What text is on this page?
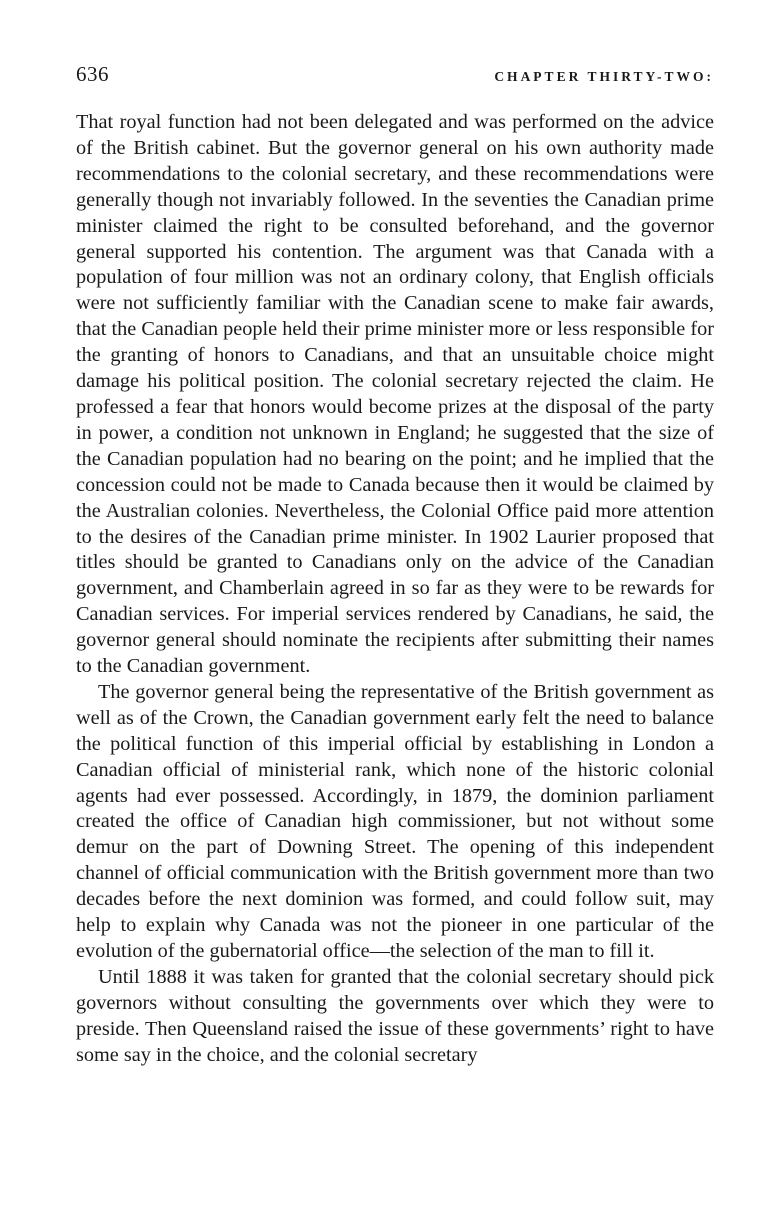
636	CHAPTER THIRTY-TWO:

That royal function had not been delegated and was performed on the advice of the British cabinet. But the governor general on his own authority made recommendations to the colonial secretary, and these recommendations were generally though not invariably followed. In the seventies the Canadian prime minister claimed the right to be consulted beforehand, and the governor general supported his contention. The argument was that Canada with a population of four million was not an ordinary colony, that English officials were not sufficiently familiar with the Canadian scene to make fair awards, that the Canadian people held their prime minister more or less responsible for the granting of honors to Canadians, and that an unsuitable choice might damage his political position. The colonial secretary rejected the claim. He professed a fear that honors would become prizes at the disposal of the party in power, a condition not unknown in England; he suggested that the size of the Canadian population had no bearing on the point; and he implied that the concession could not be made to Canada because then it would be claimed by the Australian colonies. Nevertheless, the Colonial Office paid more attention to the desires of the Canadian prime minister. In 1902 Laurier proposed that titles should be granted to Canadians only on the advice of the Canadian government, and Chamberlain agreed in so far as they were to be rewards for Canadian services. For imperial services rendered by Canadians, he said, the governor general should nominate the recipients after submitting their names to the Canadian government.

The governor general being the representative of the British government as well as of the Crown, the Canadian government early felt the need to balance the political function of this imperial official by establishing in London a Canadian official of ministerial rank, which none of the historic colonial agents had ever possessed. Accordingly, in 1879, the dominion parliament created the office of Canadian high commissioner, but not without some demur on the part of Downing Street. The opening of this independent channel of official communication with the British government more than two decades before the next dominion was formed, and could follow suit, may help to explain why Canada was not the pioneer in one particular of the evolution of the gubernatorial office—the selection of the man to fill it.

Until 1888 it was taken for granted that the colonial secretary should pick governors without consulting the governments over which they were to preside. Then Queensland raised the issue of these governments’ right to have some say in the choice, and the colonial secretary
